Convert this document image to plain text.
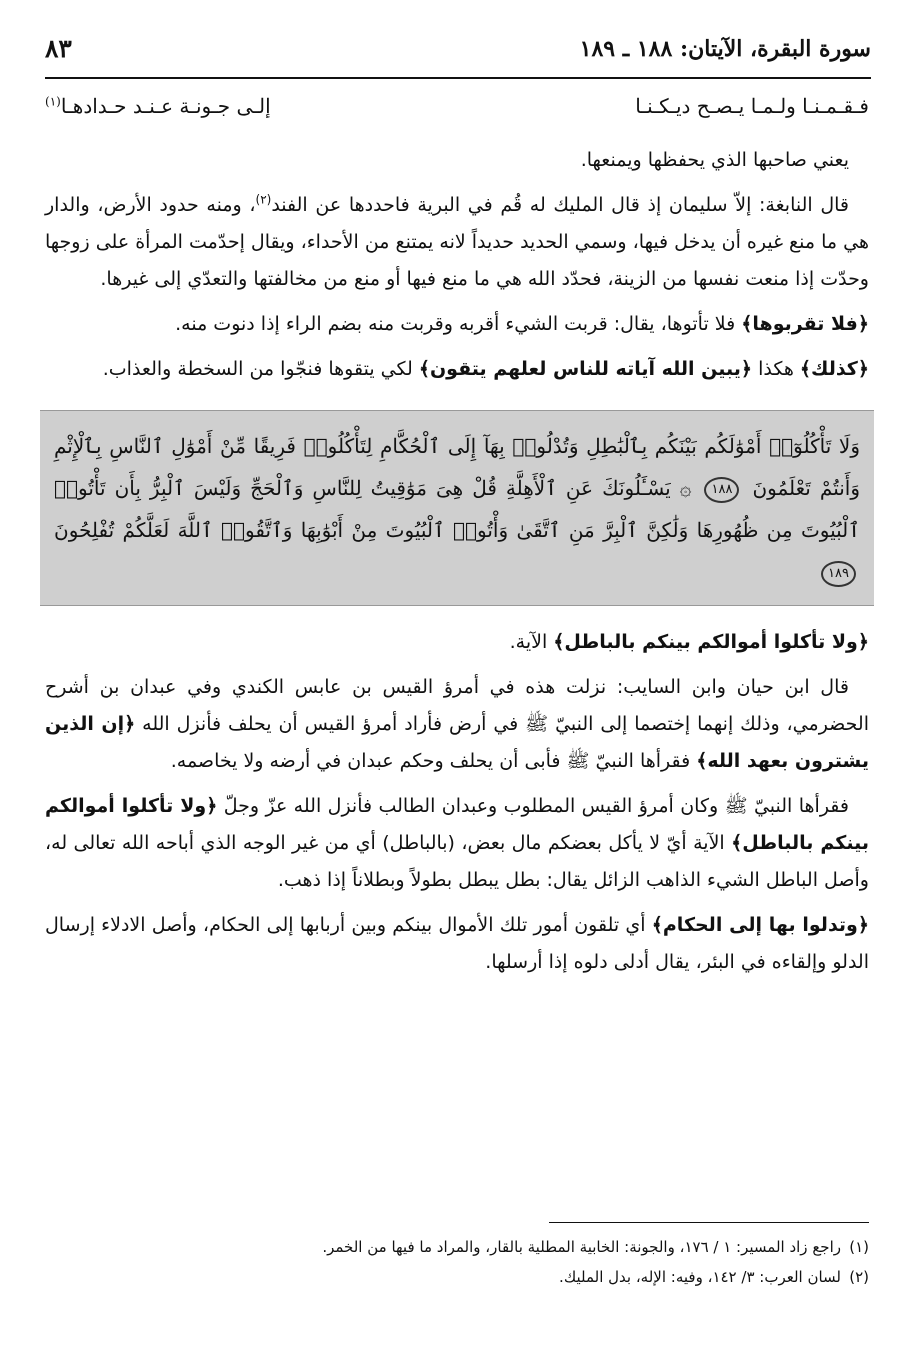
سورة البقرة، الآيتان: ١٨٨ ـ ١٨٩
٨٣
فـقـمـنـا ولـمـا يـصـح ديـكـنـا
إلـى جـونـة عـنـد حـدادهـا$^{(١)}$

يعني صاحبها الذي يحفظها ويمنعها.

قال النابغة: إلاّ سليمان إذ قال المليك له قُم في البرية فاحددها عن الفند$^{(٢)}$، ومنه حدود الأرض، والدار هي ما منع غيره أن يدخل فيها، وسمي الحديد حديداً لانه يمتنع من الأحداء، ويقال إحدّمت المرأة على زوجها وحدّت إذا منعت نفسها من الزينة، فحدّد الله هي ما منع فيها أو منع من مخالفتها والتعدّي إلى غيرها.

﴿فلا تقربوها﴾ فلا تأتوها، يقال: قربت الشيء أقربه وقربت منه بضم الراء إذا دنوت منه.

﴿كذلك﴾ هكذا ﴿يبين الله آياته للناس لعلهم يتقون﴾ لكي يتقوها فنجّوا من السخطة والعذاب.

وَلَا تَأْكُلُوٓا۟ أَمْوَٰلَكُم بَيْنَكُم بِٱلْبَٰطِلِ وَتُدْلُوا۟ بِهَآ إِلَى ٱلْحُكَّامِ لِتَأْكُلُوا۟ فَرِيقًا مِّنْ أَمْوَٰلِ ٱلنَّاسِ بِٱلْإِثْمِ وَأَنتُمْ تَعْلَمُونَ ١٨٨ ۞ يَسْـَٔلُونَكَ عَنِ ٱلْأَهِلَّةِ قُلْ هِىَ مَوَٰقِيتُ لِلنَّاسِ وَٱلْحَجِّ وَلَيْسَ ٱلْبِرُّ بِأَن تَأْتُوا۟ ٱلْبُيُوتَ مِن ظُهُورِهَا وَلَٰكِنَّ ٱلْبِرَّ مَنِ ٱتَّقَىٰ وَأْتُوا۟ ٱلْبُيُوتَ مِنْ أَبْوَٰبِهَا وَٱتَّقُوا۟ ٱللَّهَ لَعَلَّكُمْ تُفْلِحُونَ ١٨٩

﴿ولا تأكلوا أموالكم بينكم بالباطل﴾ الآية.

قال ابن حيان وابن السايب: نزلت هذه في أمرؤ القيس بن عابس الكندي وفي عبدان بن أشرح الحضرمي، وذلك إنهما إختصما إلى النبيّ ﷺ في أرض فأراد أمرؤ القيس أن يحلف فأنزل الله ﴿إن الذين يشترون بعهد الله﴾ فقرأها النبيّ ﷺ فأبى أن يحلف وحكم عبدان في أرضه ولا يخاصمه.

فقرأها النبيّ ﷺ وكان أمرؤ القيس المطلوب وعبدان الطالب فأنزل الله عزّ وجلّ ﴿ولا تأكلوا أموالكم بينكم بالباطل﴾ الآية أيّ لا يأكل بعضكم مال بعض، (بالباطل) أي من غير الوجه الذي أباحه الله تعالى له، وأصل الباطل الشيء الذاهب الزائل يقال: بطل يبطل بطولاً وبطلاناً إذا ذهب.

﴿وتدلوا بها إلى الحكام﴾ أي تلقون أمور تلك الأموال بينكم وبين أربابها إلى الحكام، وأصل الادلاء إرسال الدلو وإلقاءه في البئر، يقال أدلى دلوه إذا أرسلها.

(١)راجع زاد المسير: ١ / ١٧٦، والجونة: الخابية المطلية بالقار، والمراد ما فيها من الخمر.
(٢)لسان العرب: ٣/ ١٤٢، وفيه: الإله، بدل المليك.
